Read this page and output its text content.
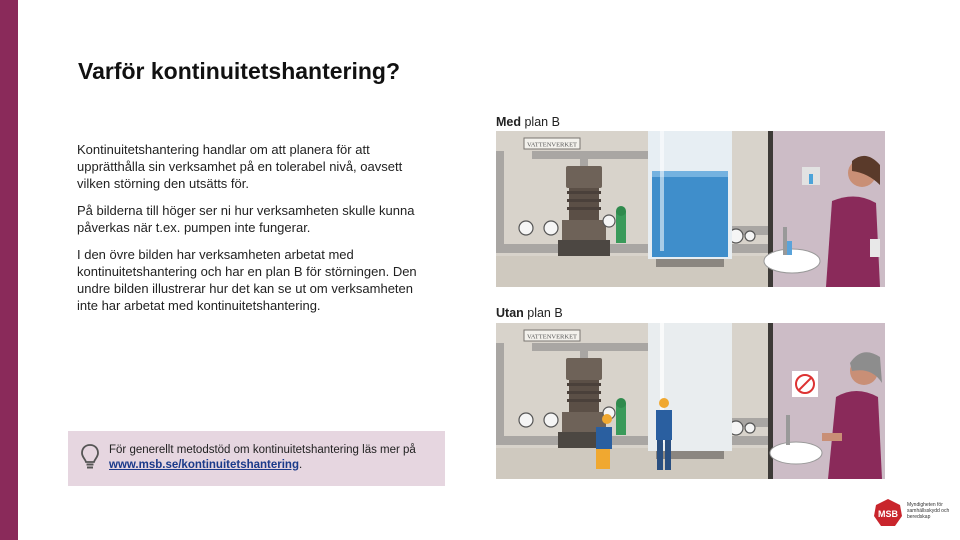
Varför kontinuitetshantering?

Kontinuitetshantering handlar om att planera för att upprätthålla sin verksamhet på en tolerabel nivå, oavsett vilken störning den utsätts för.

På bilderna till höger ser ni hur verksamheten skulle kunna påverkas när t.ex. pumpen inte fungerar.

I den övre bilden har verksamheten arbetat med kontinuitetshantering och har en plan B för störningen. Den undre bilden illustrerar hur det kan se ut om verksamheten inte har arbetat med kontinuitetshantering.

Med plan B
VATTENVERKET
Utan plan B
VATTENVERKET

För generellt metodstöd om kontinuitetshantering läs mer på www.msb.se/kontinuitetshantering.

MSB
Myndigheten för samhällsskydd och beredskap
